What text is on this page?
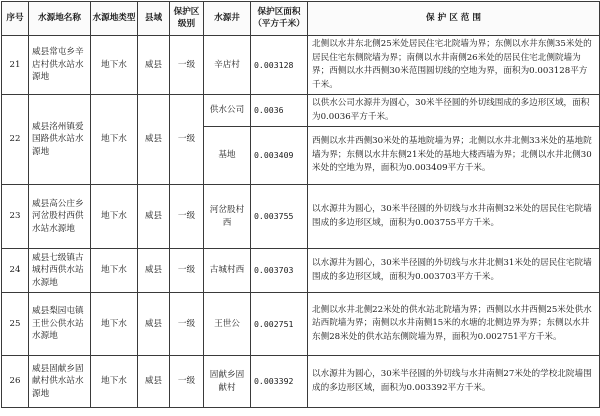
序号	水源地名称	水源地类型	县域	保护区级别	水源井	保护区面积（平方千米）	保 护 区 范 围
21	威县常屯乡辛店村供水站水源地	地下水	威县	一级	辛店村	0.003128	北侧以水井东北侧25米处居民住宅北院墙为界；东侧以水井东侧35米处的居民住宅东侧院墙为界；南侧以水井南侧26米处的居民住宅北侧院墙为界；西侧以水井西侧30米范围圆切线的空地为界，面积为0.003128平方千米。
22	威县洺州镇爱国路供水站水源地	地下水	威县	一级	供水公司	0.0036	以供水公司水源井为圆心，30米半径圆的外切线围成的多边形区域，面积为0.0036平方千米。
					基地	0.003409	西侧以水井西侧30米处的基地院墙为界；北侧以水井北侧33米处的基地院墙为界；东侧以水井东侧21米处的基地大楼西墙为界；北侧以水井北侧30米处的空地为界，面积为0.003409平方千米。
23	威县高公庄乡河岔股村西供水站水源地	地下水	威县	一级	河岔股村西	0.003755	以水源井为圆心，30米半径圆的外切线与水井南侧32米处的居民住宅院墙围成的多边形区域，面积为0.003755平方千米。
24	威县七级镇古城村西供水站水源地	地下水	威县	一级	古城村西	0.003703	以水源井为圆心，30米半径圆的外切线与水井北侧31米处的居民住宅院墙围成的多边形区域，面积为0.003703平方千米。
25	威县梨园屯镇王世公供水站水源地	地下水	威县	一级	王世公	0.002751	北侧以水井北侧22米处的供水站北院墙为界；西侧以水井西侧25米处供水站西院墙为界；南侧以水井南侧15米的水塘的北侧边界为界；东侧以水井东侧28米处的供水站东侧院墙为界，面积为0.002751平方千米。
26	威县固献乡固献村供水站水源地	地下水	威县	一级	固献乡固献村	0.003392	以水源井为圆心，30米半径圆的外切线与水井南侧27米处的学校北院墙围成的多边形区域，面积为0.003392平方千米。
